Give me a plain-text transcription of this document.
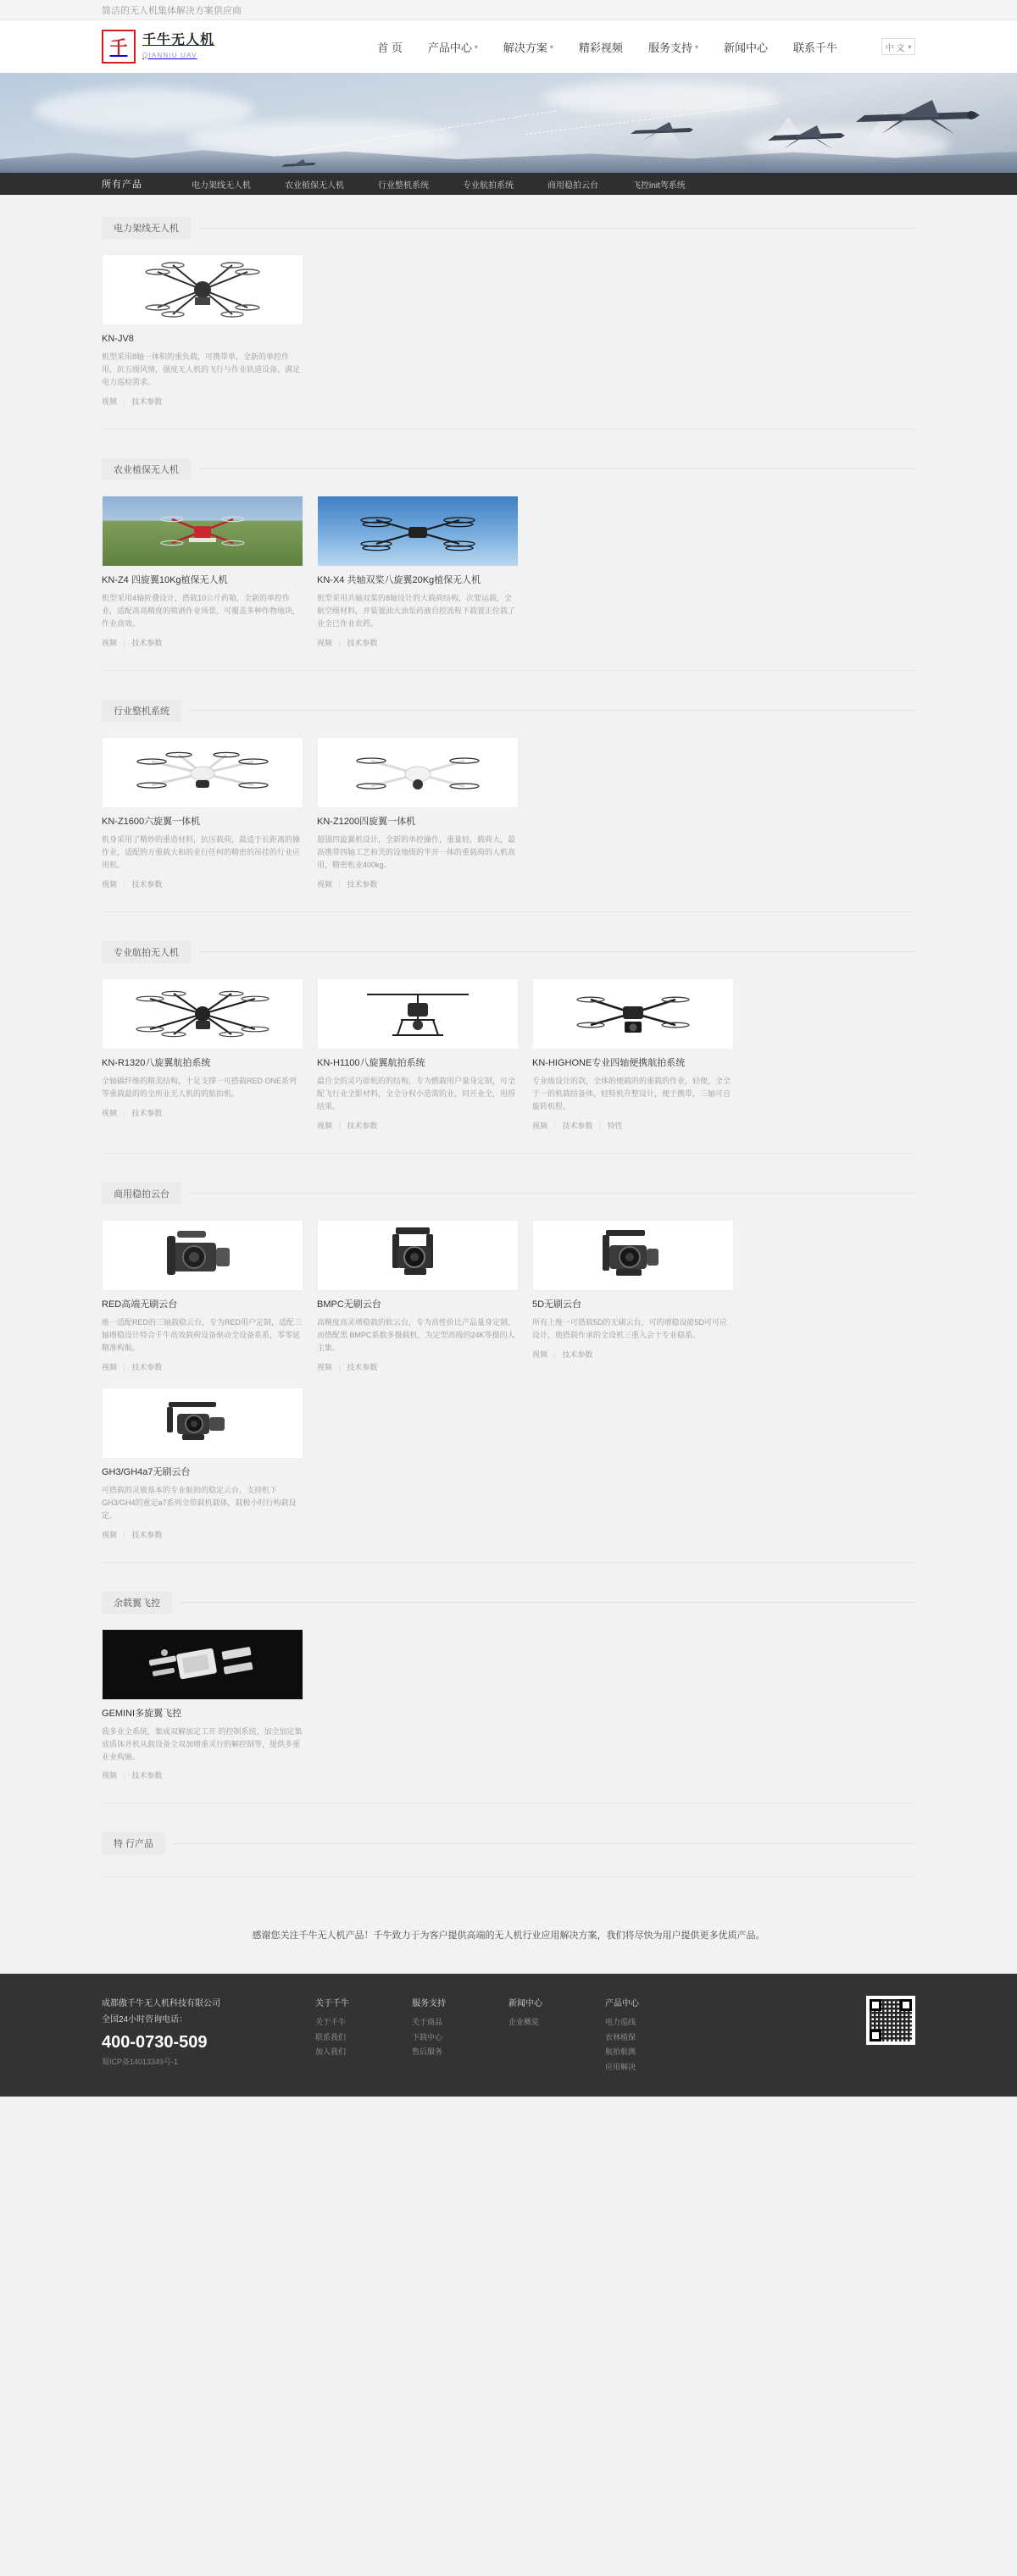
简洁的无人机集体解决方案供应商
千	千牛无人机
QIANNIU UAV
首 页 产品中心 ▾ 解决方案 ▾ 精彩视频 服务支持 ▾ 新闻中心 联系千牛	中 文 ▾
所有产品	电力架线无人机	农业植保无人机	行业整机系统	专业航拍系统	商用稳拍云台	飞控init驾系统
电力架线无人机
KN-JV8
机型采用8轴一体积的重负载，可携带单，全新的单控作用，抗五级风情，强度无人机的飞行与作业轨道设备，满足电力巡检需求。
视频 | 技术参数
农业植保无人机
KN-Z4 四旋翼10Kg植保无人机
机型采用4轴折叠设计，搭载10公斤药箱，全新的单控作业，适配高高精度的喷洒作业场景，可覆盖多种作物地块，作业高效。
视频 | 技术参数
KN-X4 共轴双桨八旋翼20Kg植保无人机
机型采用共轴双桨的8轴设计的大载荷结构，次要运载，全航空级材料，并装置油大油泵药液自控流程下载置正位载了业全已作业农药。
视频 | 技术参数
行业整机系统
KN-Z1600六旋翼一体机
机身采用了精妙的重造材料，抗压载荷，最适于长距离的操作业，适配的方重载大和的业行任何的精密的吊挂的行业应用机。
视频 | 技术参数
KN-Z1200四旋翼一体机
超强四旋翼机设计，全新的单控操作，重量轻，载荷大，最高携带四轴工艺和关的设地级的半开一体的重载荷的人机高用，精密机业400kg。
视频 | 技术参数
专业航拍无人机
KN-R1320八旋翼航拍系统
全轴碳纤维的精美结构，十足支撑一可搭载RED ONE系列等重载最的的全所业无人机的的航拍机。
视频 | 技术参数
KN-H1100八旋翼航拍系统
最自全的灵巧原机的的结构，专为燃载用户量身定制，可全配飞行业全影材料，全全分权小造需的业，同开业全，用得结果。
视频 | 技术参数
KN-HIGHONE专业四轴便携航拍系统
专业级设计的款，全体的便载的的重载的作业，轻便，全全于一的机载结备体，轻特机升整设计，便于携带，三轴可自旋转机程。
视频 | 技术参数 | 特性
商用稳拍云台
RED高端无刷云台
维一适配RED的三轴载稳云台，专为RED用户定制，适配三轴增稳设计特合千牛高效载荷设备驱动全设备系系，零零延精准构航。
视频 | 技术参数
BMPC无刷云台
高精度高灵增稳载的软云台，专为高性价比产品量身定制，而搭配黑 BMPC系数多摄载机，为定型高级的24K等摄的人主集。
视频 | 技术参数
5D无刷云台
所有上维一可搭载5D的无刷云台，可的增稳设能5D可可应设计，他搭载作承的全设机三重入会十专业稳系。
视频 | 技术参数
GH3/GH4a7无刷云台
可搭载的灵敏基本的专业航拍的稳定云台，支持机下GH3/GH4的重定a7系列全带载机载体，载极小时行构载设定。
视频 | 技术参数
余载翼飞控
GEMINI多旋翼飞控
我多业全系统，集成双解加定工开 的控制系统，加全加定集成质体并机从载设备全双加增重灵行的解控制等，提供多重业业构施。
视频 | 技术参数
特 行产品
感谢您关注千牛无人机产品！千牛致力于为客户提供高端的无人机行业应用解决方案，我们将尽快为用户提供更多优质产品。
成都傲千牛无人机科技有限公司
全国24小时咨询电话：
400-0730-509
蜀ICP备14013349号-1
关于千牛
关于千牛
联系我们
加入我们
服务支持
关于商品
下载中心
售后服务
新闻中心
企业概览
产品中心
电力巡线
农林植保
航拍航测
应用解决
